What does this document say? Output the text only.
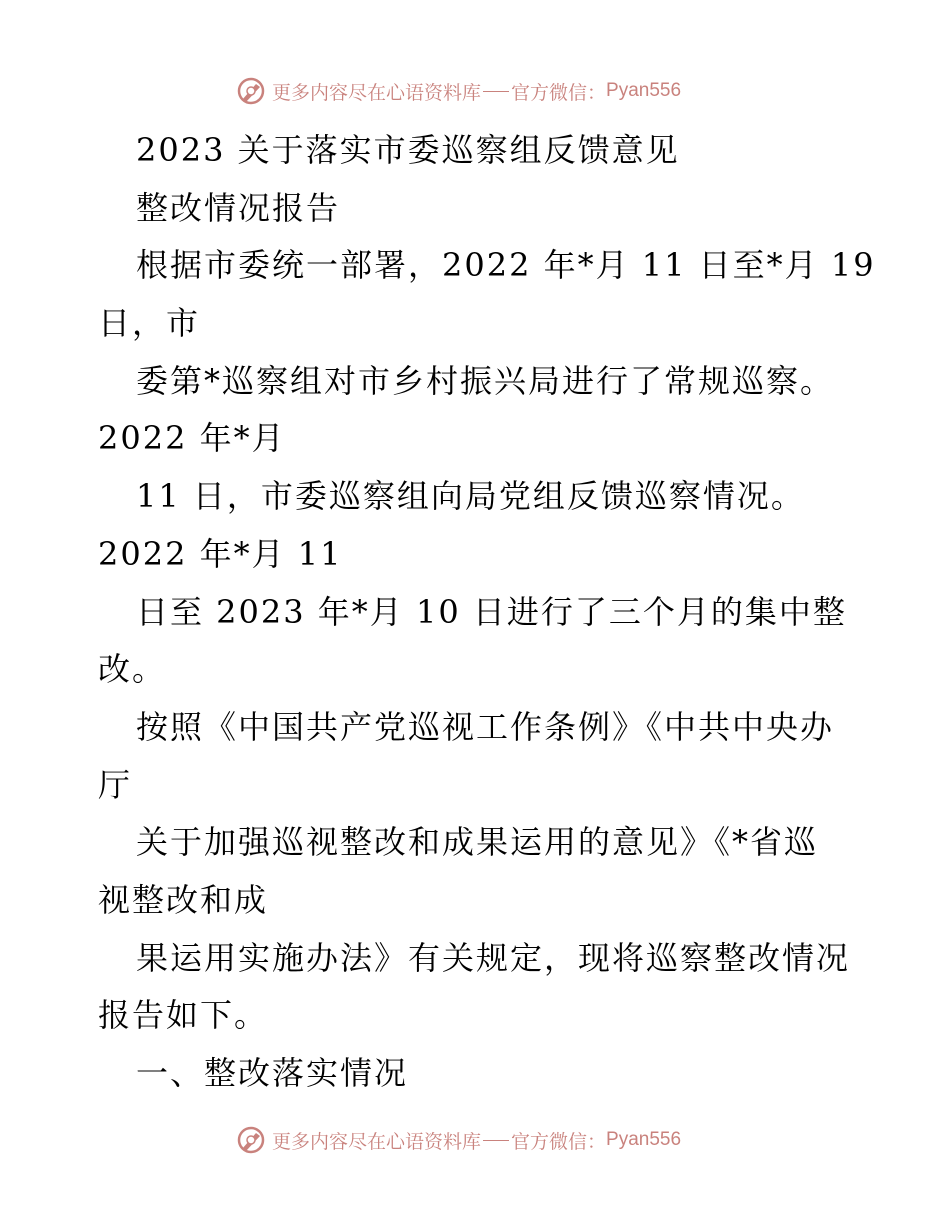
更多内容尽在心语资料库 官方微信： Pyan556
2023 关于落实市委巡察组反馈意见
整改情况报告
根据市委统一部署，2022 年*月 11 日至*月 19
日，市
委第*巡察组对市乡村振兴局进行了常规巡察。
2022 年*月
11 日，市委巡察组向局党组反馈巡察情况。
2022 年*月 11
日至 2023 年*月 10 日进行了三个月的集中整
改。
按照《中国共产党巡视工作条例》《中共中央办
厅
关于加强巡视整改和成果运用的意见》《*省巡
视整改和成
果运用实施办法》有关规定，现将巡察整改情况
报告如下。
一、整改落实情况
更多内容尽在心语资料库 官方微信： Pyan556
